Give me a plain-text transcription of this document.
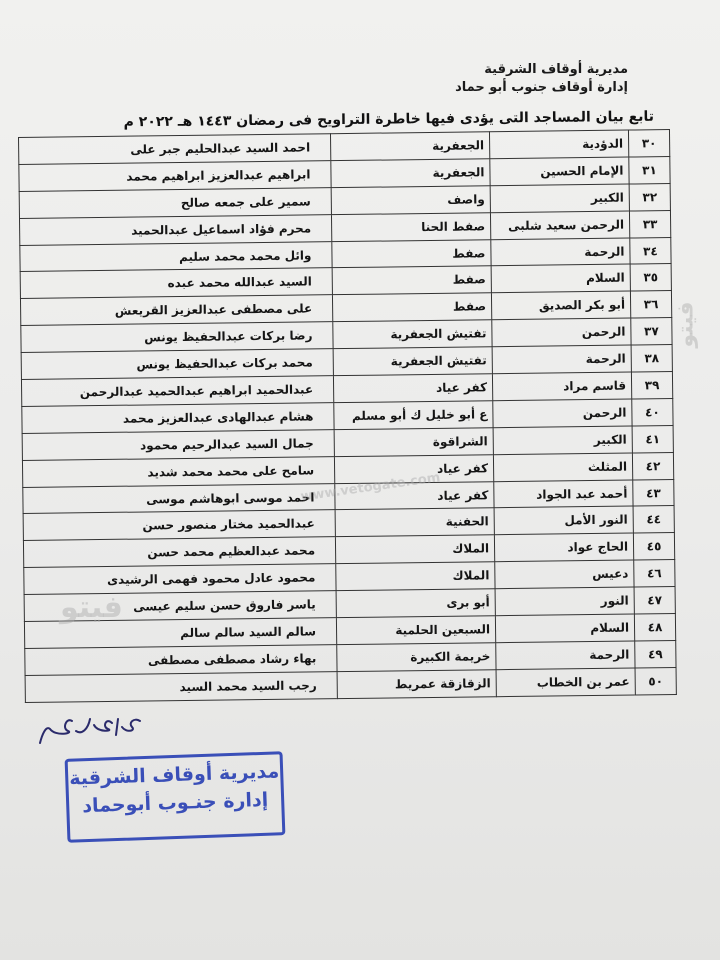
مديرية أوقاف الشرقية
إدارة أوقاف جنوب أبو حماد
تابع بيان المساجد التى يؤدى فيها خاطرة التراويح فى رمضان ١٤٤٣ هـ ٢٠٢٢ م
٣٠	الدؤدية	الجعفرية	احمد السيد عبدالحليم جبر على
٣١	الإمام الحسين	الجعفرية	ابراهيم عبدالعزيز ابراهيم محمد
٣٢	الكبير	واصف	سمير على جمعه صالح
٣٣	الرحمن سعيد شلبى	صفط الحنا	محرم فؤاد اسماعيل عبدالحميد
٣٤	الرحمة	صفط	وائل محمد محمد سليم
٣٥	السلام	صفط	السيد عبدالله محمد عبده
٣٦	أبو بكر الصديق	صفط	على مصطفى عبدالعزيز القريعش
٣٧	الرحمن	تفتيش الجعفرية	رضا بركات عبدالحفيظ يونس
٣٨	الرحمة	تفتيش الجعفرية	محمد بركات عبدالحفيظ يونس
٣٩	قاسم مراد	كفر عياد	عبدالحميد ابراهيم عبدالحميد عبدالرحمن
٤٠	الرحمن	ع أبو خليل ك أبو مسلم	هشام عبدالهادى عبدالعزيز محمد
٤١	الكبير	الشراقوة	جمال السيد عبدالرحيم محمود
٤٢	المثلث	كفر عياد	سامح على محمد محمد شديد
٤٣	أحمد عبد الجواد	كفر عياد	احمد موسى ابوهاشم موسى
٤٤	النور الأمل	الحفنية	عبدالحميد مختار منصور حسن
٤٥	الحاج عواد	الملاك	محمد عبدالعظيم محمد حسن
٤٦	دعيس	الملاك	محمود عادل محمود فهمى الرشيدى
٤٧	النور	أبو برى	ياسر فاروق حسن سليم عيسى
٤٨	السلام	السبعين الحلمية	سالم السيد سالم سالم
٤٩	الرحمة	خريمة الكبيرة	بهاء رشاد مصطفى مصطفى
٥٠	عمر بن الخطاب	الزقازقة عمريط	رجب السيد محمد السيد
مديرية أوقاف الشرقية
إدارة جنـوب أبوحماد
فيتو
فيتو
www.vetogate.com
